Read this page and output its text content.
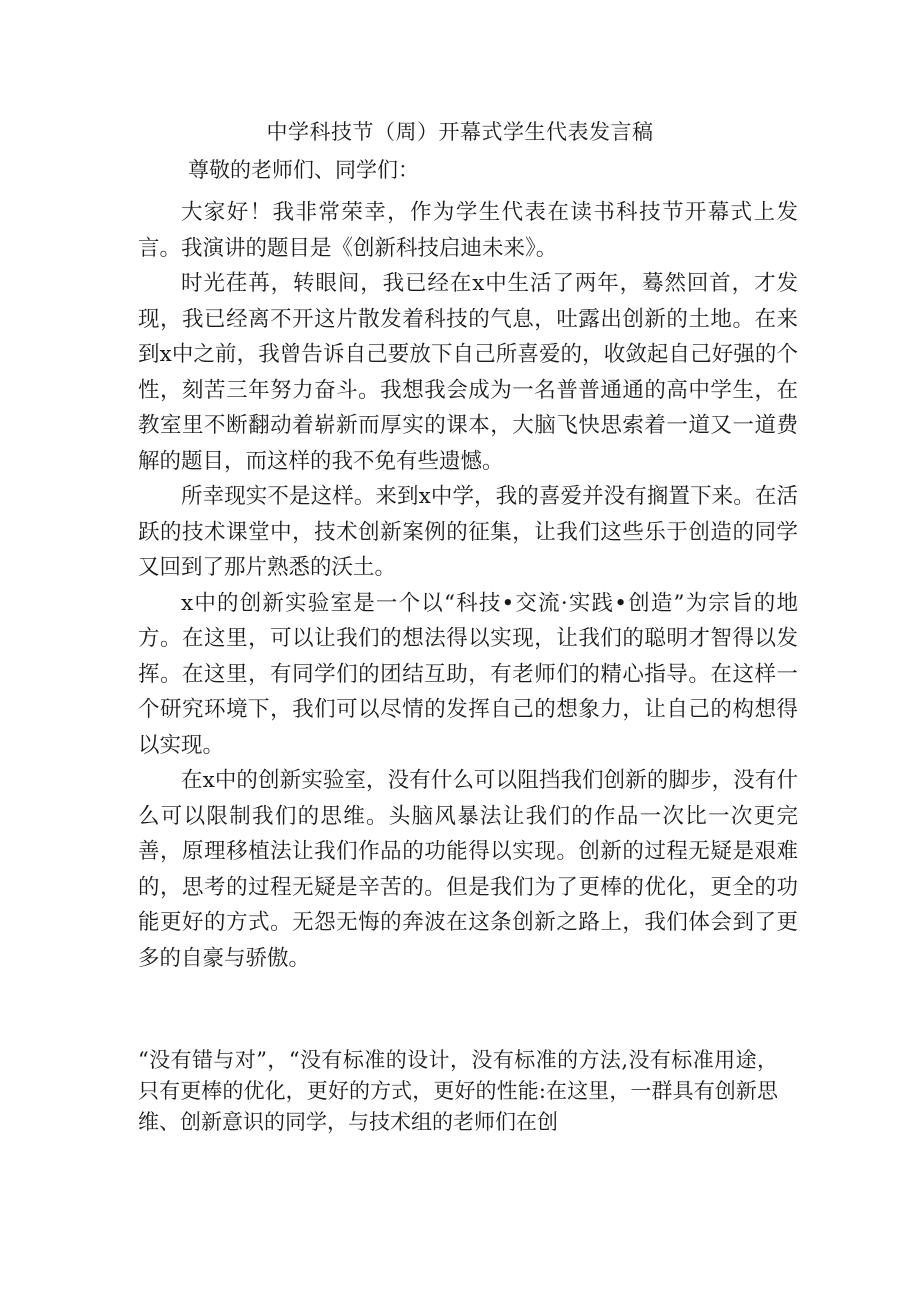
中学科技节（周）开幕式学生代表发言稿
尊敬的老师们、同学们：

大家好！我非常荣幸，作为学生代表在读书科技节开幕式上发言。我演讲的题目是《创新科技启迪未来》。

时光荏苒，转眼间，我已经在x中生活了两年，蓦然回首，才发现，我已经离不开这片散发着科技的气息，吐露出创新的土地。在来到x中之前，我曾告诉自己要放下自己所喜爱的，收敛起自己好强的个性，刻苦三年努力奋斗。我想我会成为一名普普通通的高中学生，在教室里不断翻动着崭新而厚实的课本，大脑飞快思索着一道又一道费解的题目，而这样的我不免有些遗憾。

所幸现实不是这样。来到x中学，我的喜爱并没有搁置下来。在活跃的技术课堂中，技术创新案例的征集，让我们这些乐于创造的同学又回到了那片熟悉的沃土。

x中的创新实验室是一个以“科技•交流·实践•创造”为宗旨的地方。在这里，可以让我们的想法得以实现，让我们的聪明才智得以发挥。在这里，有同学们的团结互助，有老师们的精心指导。在这样一个研究环境下，我们可以尽情的发挥自己的想象力，让自己的构想得以实现。

在x中的创新实验室，没有什么可以阻挡我们创新的脚步，没有什么可以限制我们的思维。头脑风暴法让我们的作品一次比一次更完善，原理移植法让我们作品的功能得以实现。创新的过程无疑是艰难的，思考的过程无疑是辛苦的。但是我们为了更棒的优化，更全的功能更好的方式。无怨无悔的奔波在这条创新之路上，我们体会到了更多的自豪与骄傲。

“没有错与对”，“没有标准的设计，没有标准的方法,没有标准用途，只有更棒的优化，更好的方式，更好的性能:在这里，一群具有创新思维、创新意识的同学，与技术组的老师们在创
